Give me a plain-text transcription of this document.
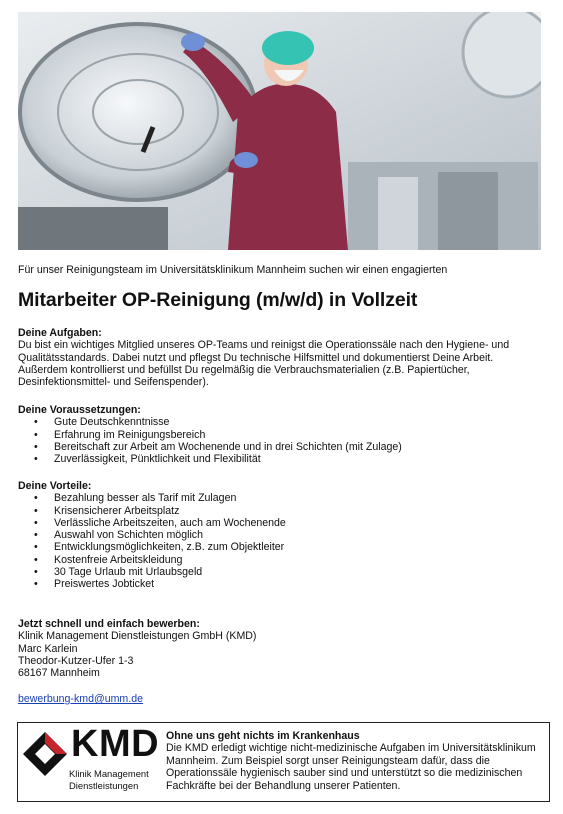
Für unser Reinigungsteam im Universitätsklinikum Mannheim suchen wir einen engagierten
Mitarbeiter OP-Reinigung (m/w/d) in Vollzeit
Deine Aufgaben:

Du bist ein wichtiges Mitglied unseres OP-Teams und reinigst die Operationssäle nach den Hygiene- und

Qualitätsstandards. Dabei nutzt und pflegst Du technische Hilfsmittel und dokumentierst Deine Arbeit.

Außerdem kontrollierst und befüllst Du regelmäßig die Verbrauchsmaterialien (z.B. Papiertücher,

Desinfektionsmittel- und Seifenspender).

Deine Voraussetzungen:
• Gute Deutschkenntnisse
• Erfahrung im Reinigungsbereich
• Bereitschaft zur Arbeit am Wochenende und in drei Schichten (mit Zulage)
• Zuverlässigkeit, Pünktlichkeit und Flexibilität
Deine Vorteile:
• Bezahlung besser als Tarif mit Zulagen
• Krisensicherer Arbeitsplatz
• Verlässliche Arbeitszeiten, auch am Wochenende
• Auswahl von Schichten möglich
• Entwicklungsmöglichkeiten, z.B. zum Objektleiter
• Kostenfreie Arbeitskleidung
• 30 Tage Urlaub mit Urlaubsgeld
• Preiswertes Jobticket
Jetzt schnell und einfach bewerben:

Klinik Management Dienstleistungen GmbH (KMD)

Marc Karlein

Theodor-Kutzer-Ufer 1-3

68167 Mannheim

bewerbung-kmd@umm.de
KMD
Klinik Management
Dienstleistungen
Ohne uns geht nichts im Krankenhaus

Die KMD erledigt wichtige nicht-medizinische Aufgaben im Universitätsklinikum

Mannheim. Zum Beispiel sorgt unser Reinigungsteam dafür, dass die

Operationssäle hygienisch sauber sind und unterstützt so die medizinischen

Fachkräfte bei der Behandlung unserer Patienten.
